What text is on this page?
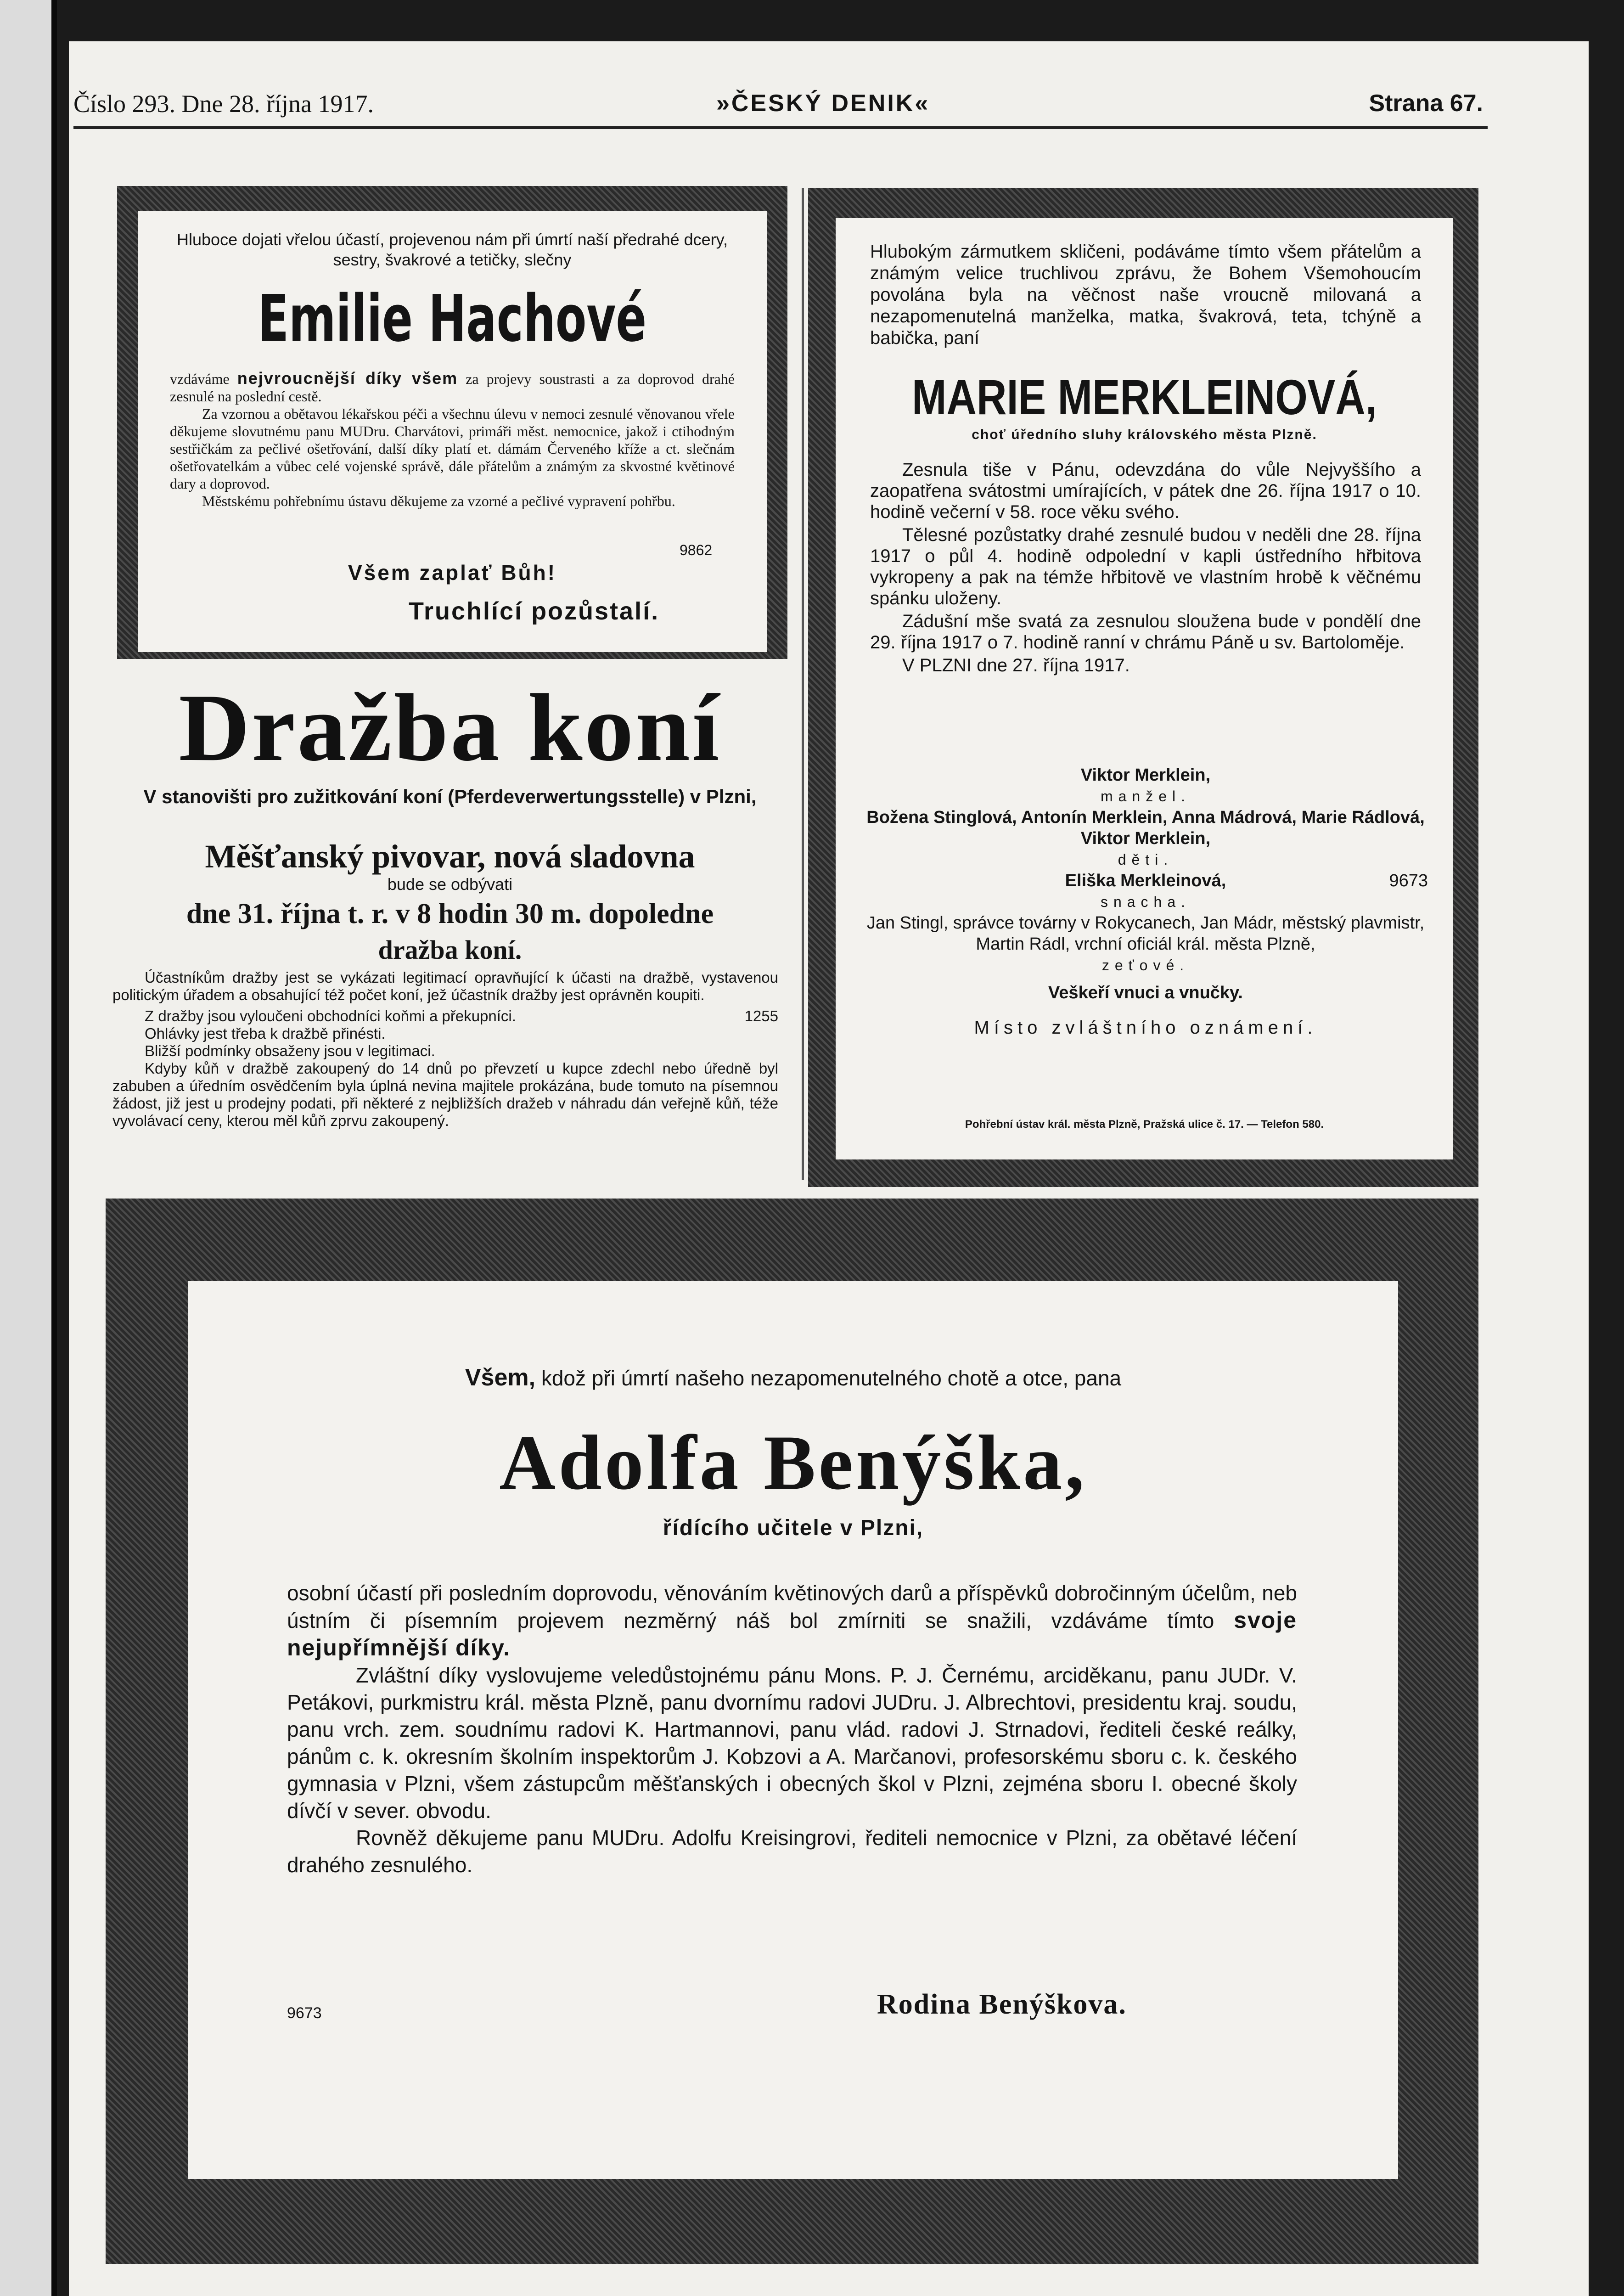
Číslo 293. Dne 28. října 1917.	»ČESKÝ DENIK«	Strana 67.
Hluboce dojati vřelou účastí, projevenou nám při úmrtí naší předrahé dcery, sestry, švakrové a tetičky, slečny
Emilie Hachové

vzdáváme nejvroucnější díky všem za projevy soustrasti a za doprovod drahé zesnulé na poslední cestě.

Za vzornou a obětavou lékařskou péči a všechnu úlevu v nemoci zesnulé věnovanou vřele děkujeme slovutnému panu MUDru. Charvátovi, primáři měst. nemocnice, jakož i ctihodným sestřičkám za pečlivé ošetřování, další díky platí et. dámám Červeného kříže a ct. slečnám ošetřovatelkám a vůbec celé vojenské správě, dále přátelům a známým za skvostné květinové dary a doprovod.

Městskému pohřebnímu ústavu děkujeme za vzorné a pečlivé vypravení pohřbu.

9862
Všem zaplať Bůh!
Truchlící pozůstalí.
Dražba koní
V stanovišti pro zužitkování koní (Pferdeverwertungsstelle) v Plzni,
Měšťanský pivovar, nová sladovna
bude se odbývati
dne 31. října t. r. v 8 hodin 30 m. dopoledne
dražba koní.

Účastníkům dražby jest se vykázati legitimací opravňující k účasti na dražbě, vystavenou politickým úřadem a obsahující též počet koní, jež účastník dražby jest oprávněn koupiti.

Z dražby jsou vyloučeni obchodníci koňmi a překupníci.	1255

Ohlávky jest třeba k dražbě přinésti.

Bližší podmínky obsaženy jsou v legitimaci.

Kdyby kůň v dražbě zakoupený do 14 dnů po převzetí u kupce zdechl nebo úředně byl zabuben a úředním osvědčením byla úplná nevina majitele prokázána, bude tomuto na písemnou žádost, již jest u prodejny podati, při některé z nejbližších dražeb v náhradu dán veřejně kůň, téže vyvolávací ceny, kterou měl kůň zprvu zakoupený.

Hlubokým zármutkem skličeni, podáváme tímto všem přátelům a známým velice truchlivou zprávu, že Bohem Všemohoucím povolána byla na věčnost naše vroucně milovaná a nezapomenutelná manželka, matka, švakrová, teta, tchýně a babička, paní
MARIE MERKLEINOVÁ,
choť úředního sluhy královského města Plzně.

Zesnula tiše v Pánu, odevzdána do vůle Nejvyššího a zaopatřena svátostmi umírajících, v pátek dne 26. října 1917 o 10. hodině večerní v 58. roce věku svého.

Tělesné pozůstatky drahé zesnulé budou v neděli dne 28. října 1917 o půl 4. hodině odpolední v kapli ústředního hřbitova vykropeny a pak na témže hřbitově ve vlastním hrobě k věčnému spánku uloženy.

Zádušní mše svatá za zesnulou sloužena bude v pondělí dne 29. října 1917 o 7. hodině ranní v chrámu Páně u sv. Bartoloměje.

V PLZNI dne 27. října 1917.

Viktor Merklein,

manžel.

Božena Stinglová, Antonín Merklein, Anna Mádrová, Marie Rádlová, Viktor Merklein,

děti.

Eliška Merkleinová,	9673

snacha.

Jan Stingl, správce továrny v Rokycanech, Jan Mádr, městský plavmistr, Martin Rádl, vrchní oficiál král. města Plzně,

zeťové.

Veškeří vnuci a vnučky.

Místo zvláštního oznámení.

Pohřební ústav král. města Plzně, Pražská ulice č. 17. — Telefon 580.
Všem, kdož při úmrtí našeho nezapomenutelného chotě a otce, pana
Adolfa Benýška,
řídícího učitele v Plzni,

osobní účastí při posledním doprovodu, věnováním květinových darů a příspěvků dobročinným účelům, neb ústním či písemním projevem nezměrný náš bol zmírniti se snažili, vzdáváme tímto svoje nejupřímnější díky.

Zvláštní díky vyslovujeme veledůstojnému pánu Mons. P. J. Černému, arciděkanu, panu JUDr. V. Petákovi, purkmistru král. města Plzně, panu dvornímu radovi JUDru. J. Albrechtovi, presidentu kraj. soudu, panu vrch. zem. soudnímu radovi K. Hartmannovi, panu vlád. radovi J. Strnadovi, řediteli české reálky, pánům c. k. okresním školním inspektorům J. Kobzovi a A. Marčanovi, profesorskému sboru c. k. českého gymnasia v Plzni, všem zástupcům měšťanských i obecných škol v Plzni, zejména sboru I. obecné školy dívčí v sever. obvodu.

Rovněž děkujeme panu MUDru. Adolfu Kreisingrovi, řediteli nemocnice v Plzni, za obětavé léčení drahého zesnulého.

9673	Rodina Benýškova.
